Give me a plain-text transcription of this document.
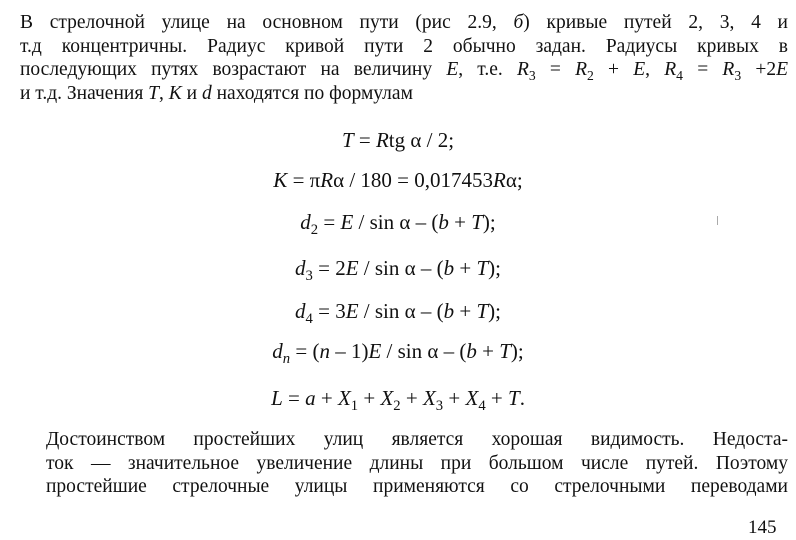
В стрелочной улице на основном пути (рис 2.9, б) кривые путей 2, 3, 4 и
т.д концентричны. Радиус кривой пути 2 обычно задан. Радиусы кривых в
последующих путях возрастают на величину E, т.е. $R_3 = R_2 + E$, $R_4 = R_3 +2E$
и т.д. Значения T, K и d находятся по формулам
T = Rtg α / 2;
K = πRα / 180 = 0,017453Rα;
$d_2 = E / \sin \alpha - (b + T)$;
$d_3 = 2E / \sin \alpha - (b + T)$;
$d_4 = 3E / \sin \alpha - (b + T)$;
$d_n = (n - 1)E / \sin \alpha - (b + T)$;
$L = a + X_1 + X_2 + X_3 + X_4 + T$.
Достоинством простейших улиц является хорошая видимость. Недоста-
ток — значительное увеличение длины при большом числе путей. Поэтому
простейшие стрелочные улицы применяются со стрелочными переводами
145
